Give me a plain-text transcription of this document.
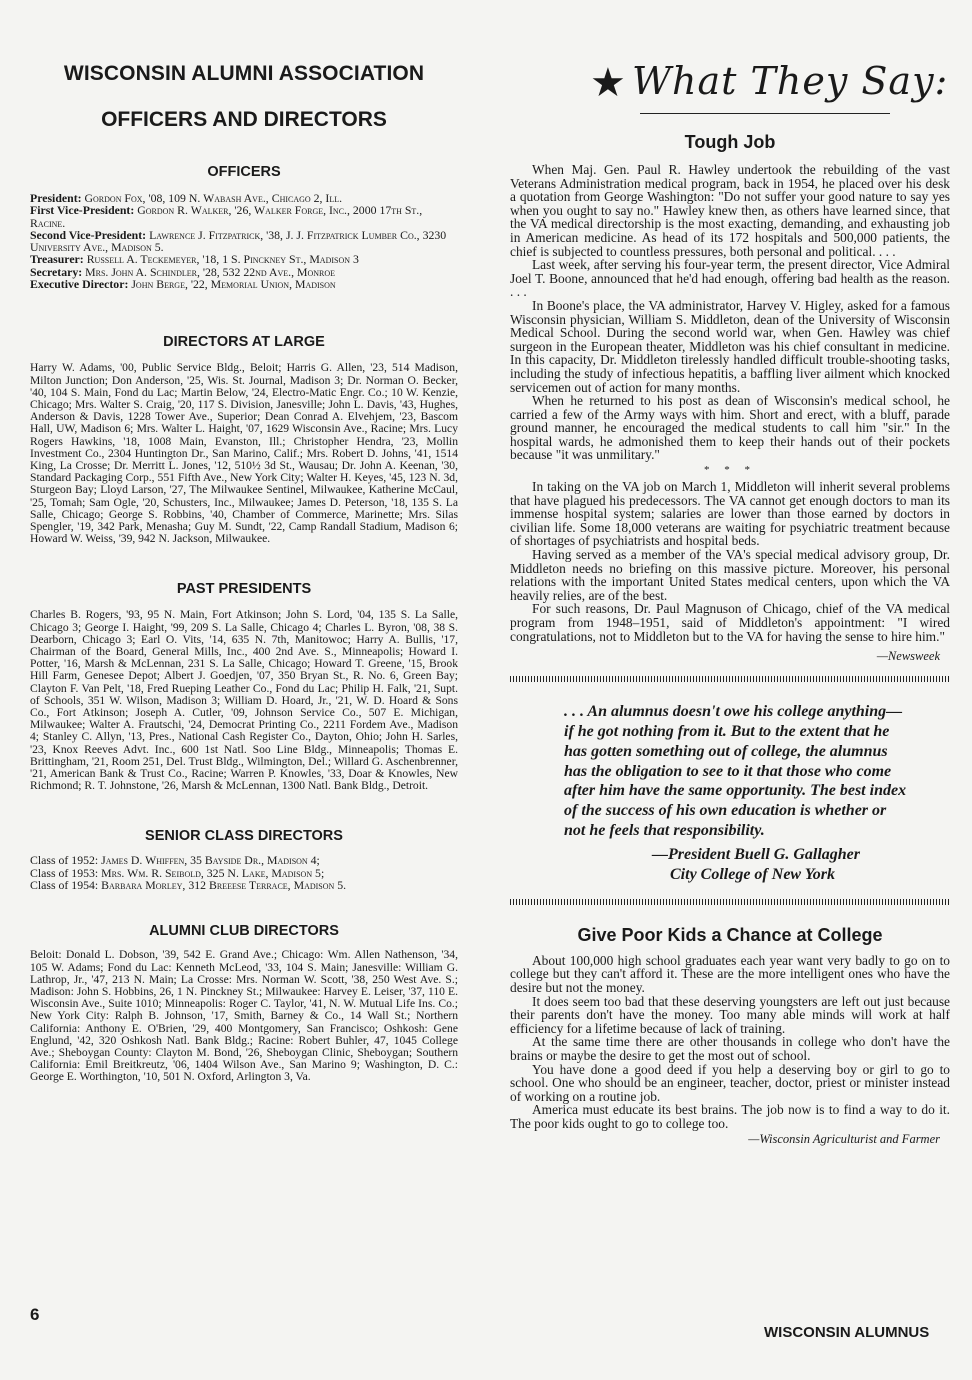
WISCONSIN ALUMNI ASSOCIATION
OFFICERS AND DIRECTORS
OFFICERS

President: Gordon Fox, '08, 109 N. Wabash Ave., Chicago 2, Ill.

First Vice-President: Gordon R. Walker, '26, Walker Forge, Inc., 2000 17th St., Racine.

Second Vice-President: Lawrence J. Fitzpatrick, '38, J. J. Fitzpatrick Lumber Co., 3230 University Ave., Madison 5.

Treasurer: Russell A. Teckemeyer, '18, 1 S. Pinckney St., Madison 3

Secretary: Mrs. John A. Schindler, '28, 532 22nd Ave., Monroe

Executive Director: John Berge, '22, Memorial Union, Madison

DIRECTORS AT LARGE

Harry W. Adams, '00, Public Service Bldg., Beloit; Harris G. Allen, '23, 514 Madison, Milton Junction; Don Anderson, '25, Wis. St. Journal, Madison 3; Dr. Norman O. Becker, '40, 104 S. Main, Fond du Lac; Martin Below, '24, Electro-Matic Engr. Co.; 10 W. Kenzie, Chicago; Mrs. Walter S. Craig, '20, 117 S. Division, Janesville; John L. Davis, '43, Hughes, Anderson & Davis, 1228 Tower Ave., Superior; Dean Conrad A. Elvehjem, '23, Bascom Hall, UW, Madison 6; Mrs. Walter L. Haight, '07, 1629 Wisconsin Ave., Racine; Mrs. Lucy Rogers Hawkins, '18, 1008 Main, Evanston, Ill.; Christopher Hendra, '23, Mollin Investment Co., 2304 Huntington Dr., San Marino, Calif.; Mrs. Robert D. Johns, '41, 1514 King, La Crosse; Dr. Merritt L. Jones, '12, 510½ 3d St., Wausau; Dr. John A. Keenan, '30, Standard Packaging Corp., 551 Fifth Ave., New York City; Walter H. Keyes, '45, 123 N. 3d, Sturgeon Bay; Lloyd Larson, '27, The Milwaukee Sentinel, Milwaukee, Katherine McCaul, '25, Tomah; Sam Ogle, '20, Schusters, Inc., Milwaukee; James D. Peterson, '18, 135 S. La Salle, Chicago; George S. Robbins, '40, Chamber of Commerce, Marinette; Mrs. Silas Spengler, '19, 342 Park, Menasha; Guy M. Sundt, '22, Camp Randall Stadium, Madison 6; Howard W. Weiss, '39, 942 N. Jackson, Milwaukee.

PAST PRESIDENTS

Charles B. Rogers, '93, 95 N. Main, Fort Atkinson; John S. Lord, '04, 135 S. La Salle, Chicago 3; George I. Haight, '99, 209 S. La Salle, Chicago 4; Charles L. Byron, '08, 38 S. Dearborn, Chicago 3; Earl O. Vits, '14, 635 N. 7th, Manitowoc; Harry A. Bullis, '17, Chairman of the Board, General Mills, Inc., 400 2nd Ave. S., Minneapolis; Howard I. Potter, '16, Marsh & McLennan, 231 S. La Salle, Chicago; Howard T. Greene, '15, Brook Hill Farm, Genesee Depot; Albert J. Goedjen, '07, 350 Bryan St., R. No. 6, Green Bay; Clayton F. Van Pelt, '18, Fred Rueping Leather Co., Fond du Lac; Philip H. Falk, '21, Supt. of Schools, 351 W. Wilson, Madison 3; William D. Hoard, Jr., '21, W. D. Hoard & Sons Co., Fort Atkinson; Joseph A. Cutler, '09, Johnson Service Co., 507 E. Michigan, Milwaukee; Walter A. Frautschi, '24, Democrat Printing Co., 2211 Fordem Ave., Madison 4; Stanley C. Allyn, '13, Pres., National Cash Register Co., Dayton, Ohio; John H. Sarles, '23, Knox Reeves Advt. Inc., 600 1st Natl. Soo Line Bldg., Minneapolis; Thomas E. Brittingham, '21, Room 251, Del. Trust Bldg., Wilmington, Del.; Willard G. Aschenbrenner, '21, American Bank & Trust Co., Racine; Warren P. Knowles, '33, Doar & Knowles, New Richmond; R. T. Johnstone, '26, Marsh & McLennan, 1300 Natl. Bank Bldg., Detroit.

SENIOR CLASS DIRECTORS

Class of 1952: James D. Whiffen, 35 Bayside Dr., Madison 4;

Class of 1953: Mrs. Wm. R. Seibold, 325 N. Lake, Madison 5;

Class of 1954: Barbara Morley, 312 Breeese Terrace, Madison 5.

ALUMNI CLUB DIRECTORS

Beloit: Donald L. Dobson, '39, 542 E. Grand Ave.; Chicago: Wm. Allen Nathenson, '34, 105 W. Adams; Fond du Lac: Kenneth McLeod, '33, 104 S. Main; Janesville: William G. Lathrop, Jr., '47, 213 N. Main; La Crosse: Mrs. Norman W. Scott, '38, 250 West Ave. S.; Madison: John S. Hobbins, 26, 1 N. Pinckney St.; Milwaukee: Harvey E. Leiser, '37, 110 E. Wisconsin Ave., Suite 1010; Minneapolis: Roger C. Taylor, '41, N. W. Mutual Life Ins. Co.; New York City: Ralph B. Johnson, '17, Smith, Barney & Co., 14 Wall St.; Northern California: Anthony E. O'Brien, '29, 400 Montgomery, San Francisco; Oshkosh: Gene Englund, '42, 320 Oshkosh Natl. Bank Bldg.; Racine: Robert Buhler, 47, 1045 College Ave.; Sheboygan County: Clayton M. Bond, '26, Sheboygan Clinic, Sheboygan; Southern California: Emil Breitkreutz, '06, 1404 Wilson Ave., San Marino 9; Washington, D. C.: George E. Worthington, '10, 501 N. Oxford, Arlington 3, Va.

★ What They Say:
Tough Job

When Maj. Gen. Paul R. Hawley undertook the rebuilding of the vast Veterans Administration medical program, back in 1954, he placed over his desk a quotation from George Washington: "Do not suffer your good nature to say yes when you ought to say no." Hawley knew then, as others have learned since, that the VA medical directorship is the most exacting, demanding, and exhausting job in American medicine. As head of its 172 hospitals and 500,000 patients, the chief is subjected to countless pressures, both personal and political. . . .

Last week, after serving his four-year term, the present director, Vice Admiral Joel T. Boone, announced that he'd had enough, offering bad health as the reason. . . .

In Boone's place, the VA administrator, Harvey V. Higley, asked for a famous Wisconsin physician, William S. Middleton, dean of the University of Wisconsin Medical School. During the second world war, when Gen. Hawley was chief surgeon in the European theater, Middleton was his chief consultant in medicine. In this capacity, Dr. Middleton tirelessly handled difficult trouble-shooting tasks, including the study of infectious hepatitis, a baffling liver ailment which knocked servicemen out of action for many months.

When he returned to his post as dean of Wisconsin's medical school, he carried a few of the Army ways with him. Short and erect, with a bluff, parade ground manner, he encouraged the medical students to call him "sir." In the hospital wards, he admonished them to keep their hands out of their pockets because "it was unmilitary."

* * *

In taking on the VA job on March 1, Middleton will inherit several problems that have plagued his predecessors. The VA cannot get enough doctors to man its immense hospital system; salaries are lower than those earned by doctors in civilian life. Some 18,000 veterans are waiting for psychiatric treatment because of shortages of psychiatrists and hospital beds.

Having served as a member of the VA's special medical advisory group, Dr. Middleton needs no briefing on this massive picture. Moreover, his personal relations with the important United States medical centers, upon which the VA heavily relies, are of the best.

For such reasons, Dr. Paul Magnuson of Chicago, chief of the VA medical program from 1948–1951, said of Middleton's appointment: "I wired congratulations, not to Middleton but to the VA for having the sense to hire him."

—Newsweek

. . . An alumnus doesn't owe his college anything—if he got nothing from it. But to the extent that he has gotten something out of college, the alumnus has the obligation to see to it that those who come after him have the same opportunity. The best index of the success of his own education is whether or not he feels that responsibility.

—President Buell G. Gallagher

City College of New York

Give Poor Kids a Chance at College

About 100,000 high school graduates each year want very badly to go on to college but they can't afford it. These are the more intelligent ones who have the desire but not the money.

It does seem too bad that these deserving youngsters are left out just because their parents don't have the money. Too many able minds will work at half efficiency for a lifetime because of lack of training.

At the same time there are other thousands in college who don't have the brains or maybe the desire to get the most out of school.

You have done a good deed if you help a deserving boy or girl to go to school. One who should be an engineer, teacher, doctor, priest or minister instead of working on a routine job.

America must educate its best brains. The job now is to find a way to do it. The poor kids ought to go to college too.

—Wisconsin Agriculturist and Farmer

6
WISCONSIN ALUMNUS
